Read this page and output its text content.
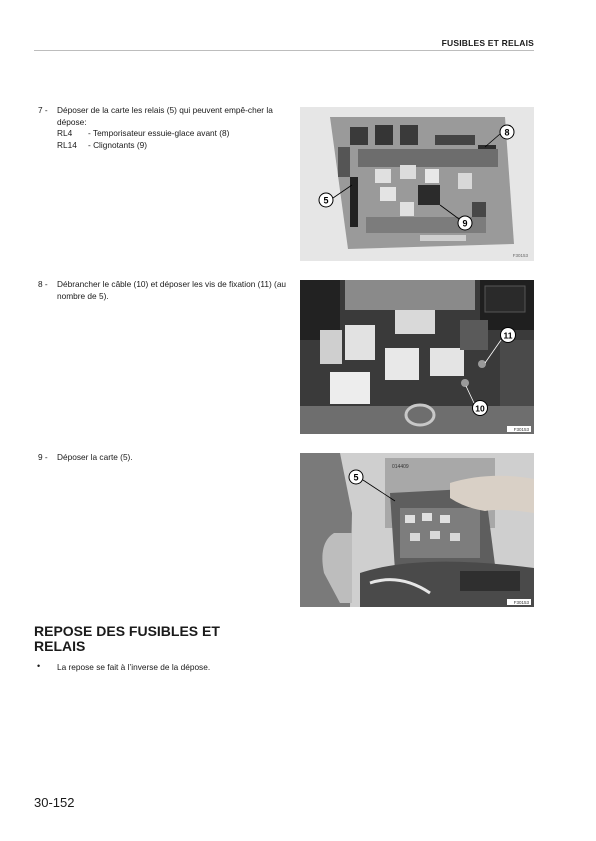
FUSIBLES ET RELAIS
7 - Déposer de la carte les relais (5) qui peuvent empê-cher la dépose:
RL4	- Temporisateur essuie-glace avant (8)
RL14	- Clignotants (9)
8
5
9
F30153
8 - Débrancher le câble (10) et déposer les vis de fixation (11) (au nombre de 5).
11
10
F30153
9 - Déposer la carte (5).
014409
5
F30153
REPOSE DES FUSIBLES ET RELAIS
• La repose se fait à l’inverse de la dépose.
30-152
